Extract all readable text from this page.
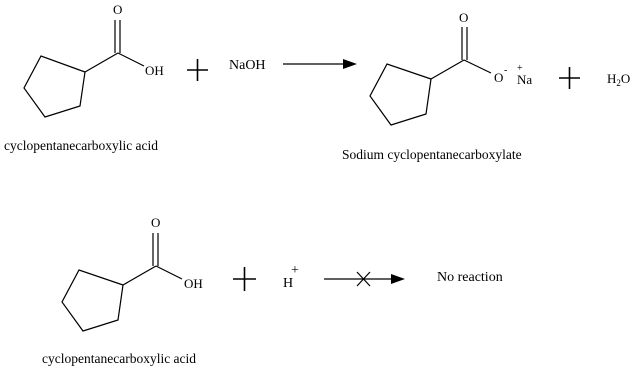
O
OH
cyclopentanecarboxylic acid
NaOH
O
O - +
Na
Sodium cyclopentanecarboxylate
$H_2O$
O
OH
cyclopentanecarboxylic acid
H
+	No reaction
